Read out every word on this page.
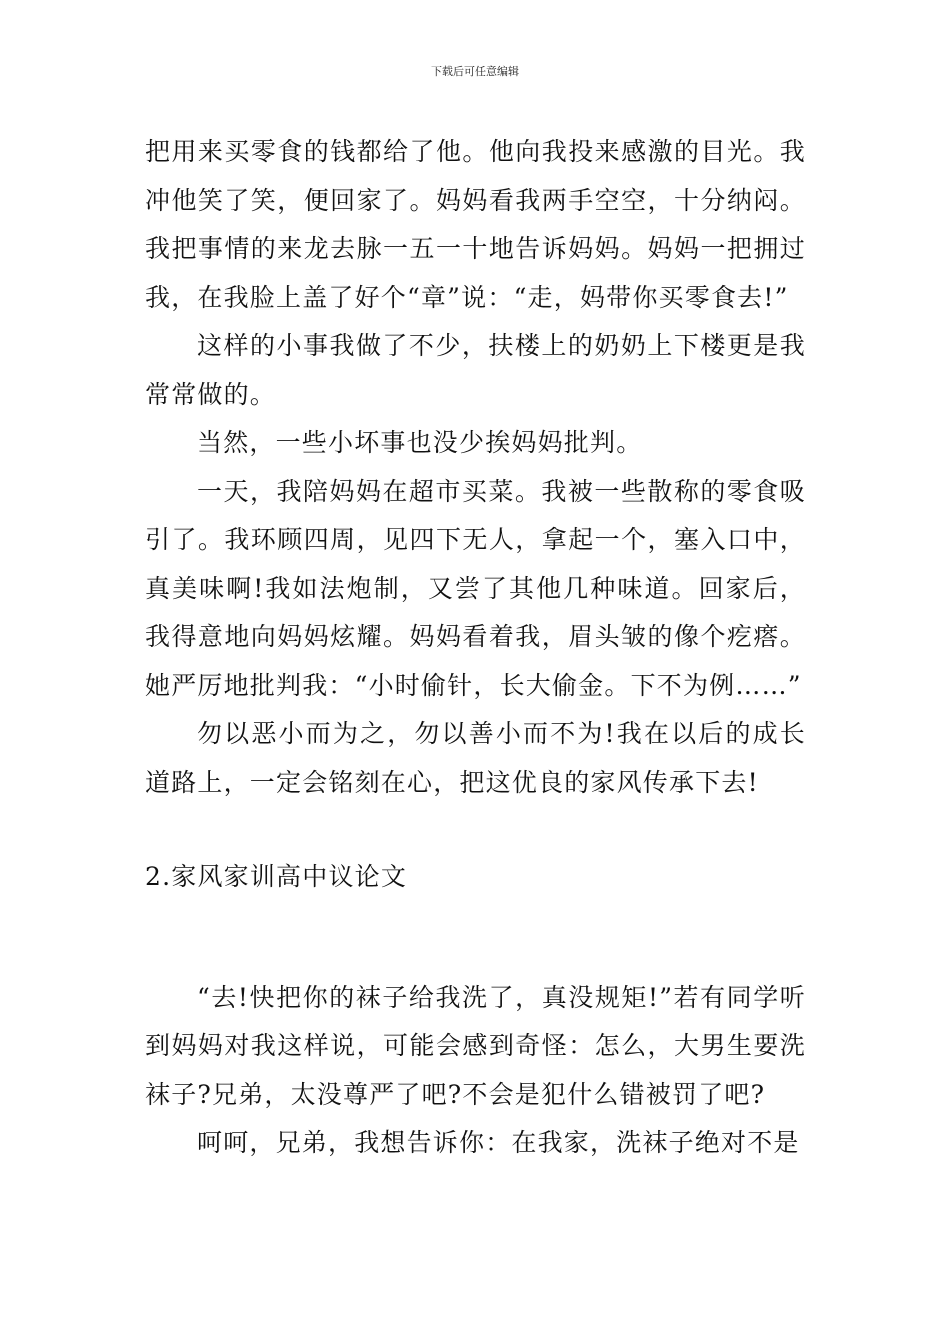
下载后可任意编辑

把用来买零食的钱都给了他。他向我投来感激的目光。我冲他笑了笑，便回家了。妈妈看我两手空空，十分纳闷。我把事情的来龙去脉一五一十地告诉妈妈。妈妈一把拥过我，在我脸上盖了好个“章”说：“走，妈带你买零食去!”

这样的小事我做了不少，扶楼上的奶奶上下楼更是我常常做的。

当然，一些小坏事也没少挨妈妈批判。

一天，我陪妈妈在超市买菜。我被一些散称的零食吸引了。我环顾四周，见四下无人，拿起一个，塞入口中，真美味啊!我如法炮制，又尝了其他几种味道。回家后，我得意地向妈妈炫耀。妈妈看着我，眉头皱的像个疙瘩。她严厉地批判我：“小时偷针，长大偷金。下不为例……”

勿以恶小而为之，勿以善小而不为!我在以后的成长道路上，一定会铭刻在心，把这优良的家风传承下去!

2.家风家训高中议论文

“去!快把你的袜子给我洗了，真没规矩!”若有同学听到妈妈对我这样说，可能会感到奇怪：怎么，大男生要洗袜子?兄弟，太没尊严了吧?不会是犯什么错被罚了吧?

呵呵，兄弟，我想告诉你：在我家，洗袜子绝对不是
